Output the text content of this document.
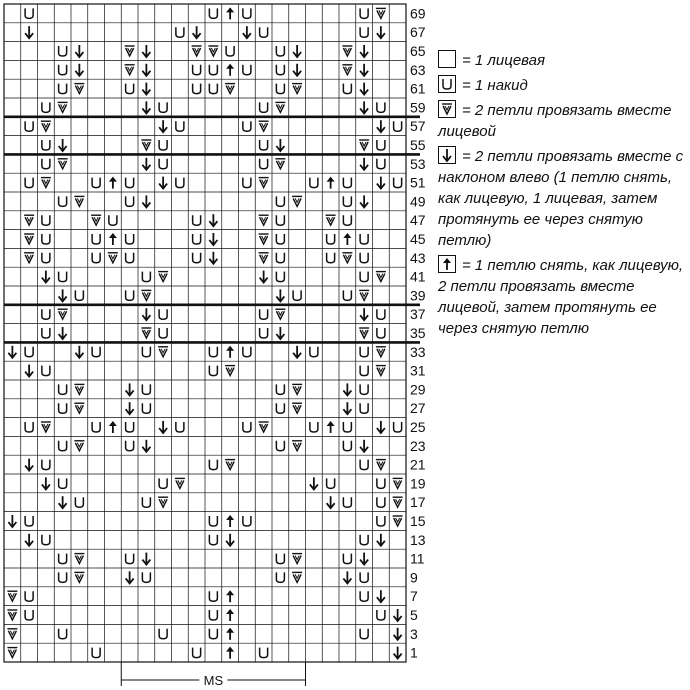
69
67
65
63
61
59
57
55
53
51
49
47
45
43
41
39
37
35
33
31
29
27
25
23
21
19
17
15
13
11
9
7
5
3
1
MS
= 1 лицевая
= 1 накид
= 2 петли провязать вместе лицевой
= 2 петли провязать вместе с наклоном влево (1 петлю снять, как лицевую, 1 лицевая, затем протянуть ее через снятую петлю)
= 1 петлю снять, как лицевую, 2 петли провязать вместе лицевой, затем протянуть ее через снятую петлю
